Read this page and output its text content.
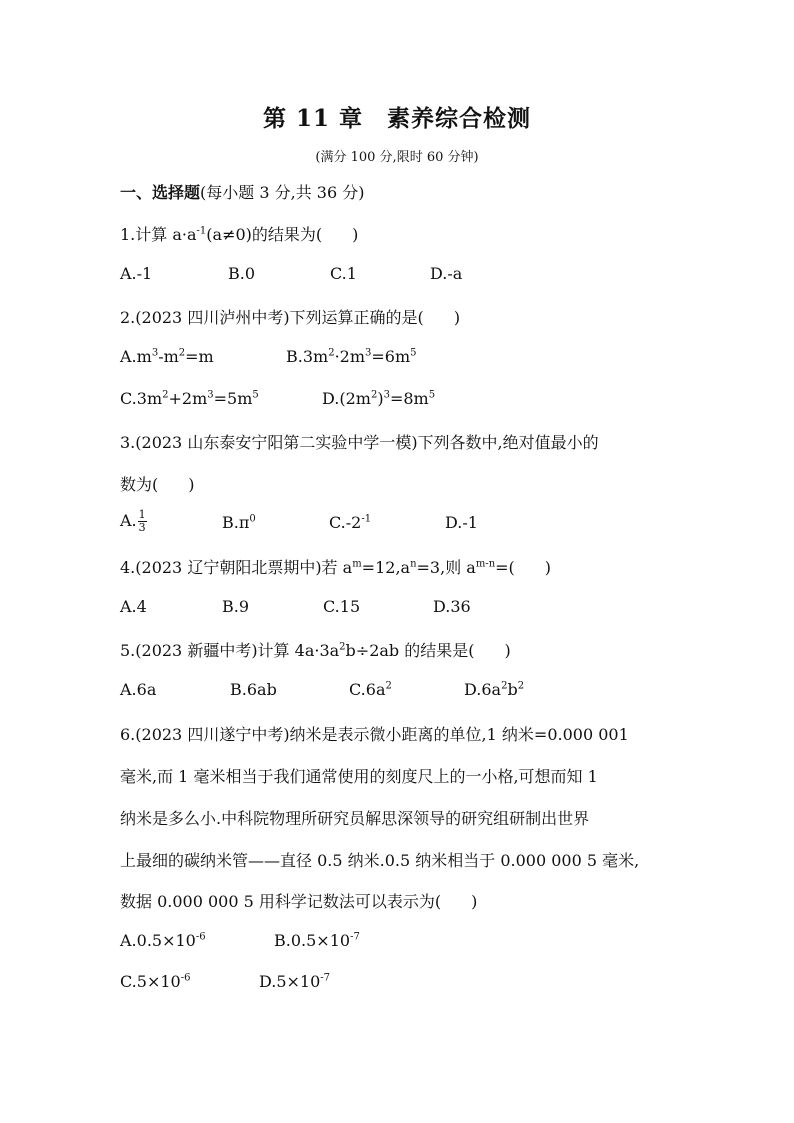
第 11 章　素养综合检测
(满分 100 分,限时 60 分钟)
一、选择题(每小题 3 分,共 36 分)
1.计算 $a\cdot a^{-1}(a\ne 0)$的结果为( )
A.-1	B.0	C.1	D.-a
2.(2023 四川泸州中考)下列运算正确的是( )
$A.m^3-m^2=m$	$B.3m^2\cdot 2m^3=6m^5$
$C.3m^2+2m^3=5m^5$	$D.(2m^2)^3=8m^5$
3.(2023 山东泰安宁阳第二实验中学一模)下列各数中,绝对值最小的
数为( )
A. $\frac{1}{3}$	$B.\pi^0$	$C.-2^{-1}$	D.-1
4.(2023 辽宁朝阳北票期中)若 $a^m=12,a^n=3$,则 $a^{m-n}=$( )
A.4	B.9	C.15	D.36
5.(2023 新疆中考)计算 $4a\cdot 3a^2b\div 2ab$ 的结果是( )
A.6a	B.6ab	$C.6a^2$	$D.6a^2b^2$
6.(2023 四川遂宁中考)纳米是表示微小距离的单位,1 纳米=0.000 001
毫米,而 1 毫米相当于我们通常使用的刻度尺上的一小格,可想而知 1
纳米是多么小.中科院物理所研究员解思深领导的研究组研制出世界
上最细的碳纳米管——直径 0.5 纳米.0.5 纳米相当于 0.000 000 5 毫米,
数据 0.000 000 5 用科学记数法可以表示为( )
$A.0.5\times 10^{-6}$	$B.0.5\times 10^{-7}$
$C.5\times 10^{-6}$	$D.5\times 10^{-7}$
